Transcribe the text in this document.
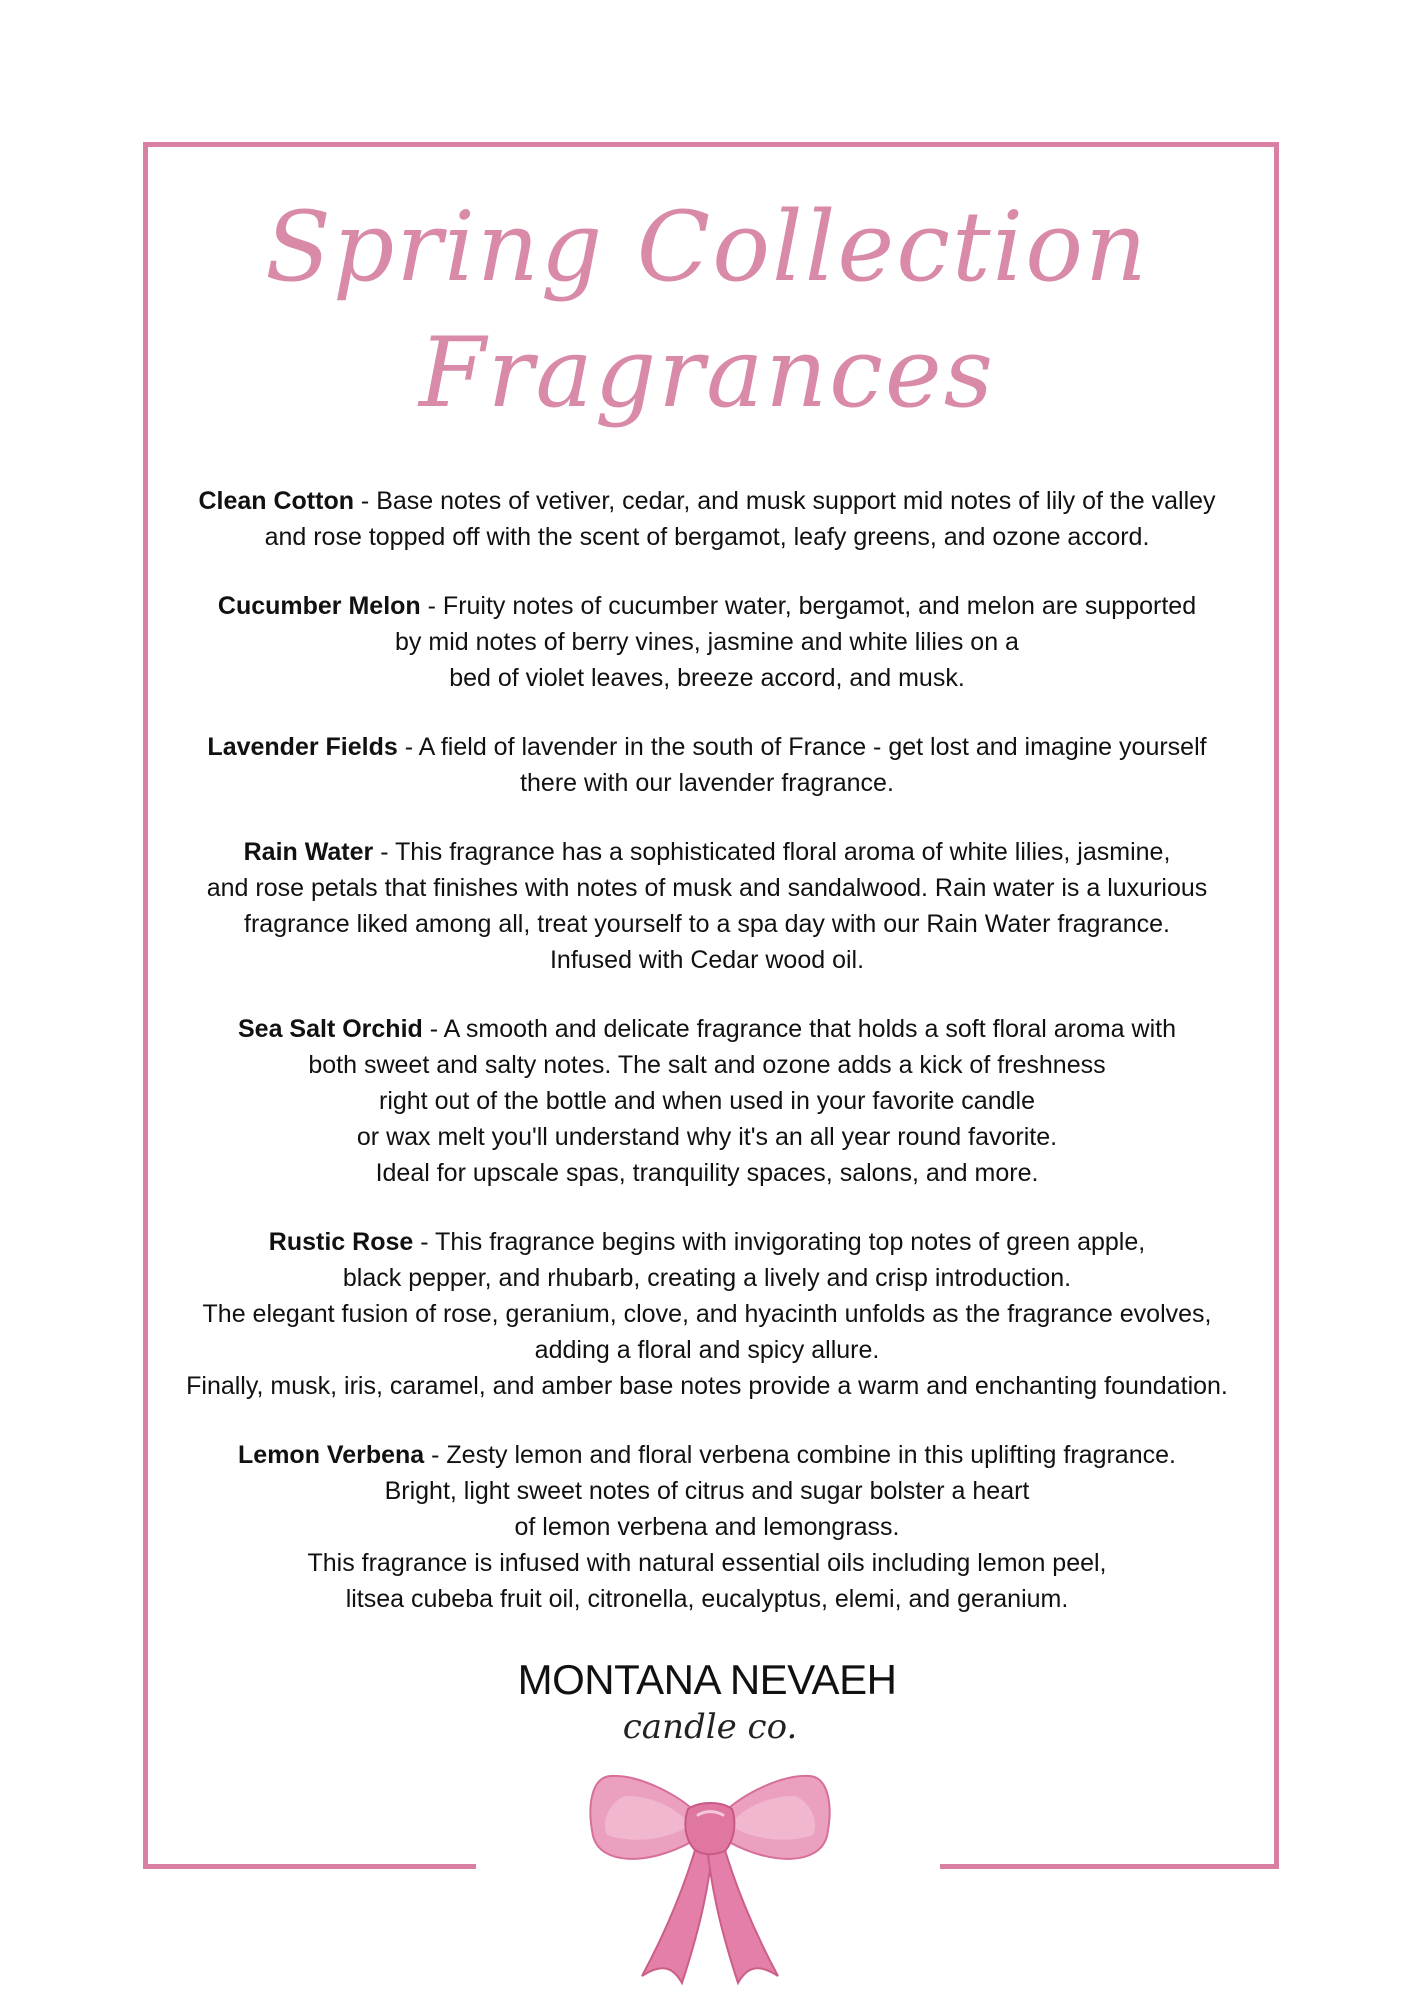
Spring Collection
Fragrances

Clean Cotton - Base notes of vetiver, cedar, and musk support mid notes of lily of the valley
and rose topped off with the scent of bergamot, leafy greens, and ozone accord.

Cucumber Melon - Fruity notes of cucumber water, bergamot, and melon are supported
by mid notes of berry vines, jasmine and white lilies on a
bed of violet leaves, breeze accord, and musk.

Lavender Fields - A field of lavender in the south of France - get lost and imagine yourself
there with our lavender fragrance.

Rain Water - This fragrance has a sophisticated floral aroma of white lilies, jasmine,
and rose petals that finishes with notes of musk and sandalwood. Rain water is a luxurious
fragrance liked among all, treat yourself to a spa day with our Rain Water fragrance.
Infused with Cedar wood oil.

Sea Salt Orchid - A smooth and delicate fragrance that holds a soft floral aroma with
both sweet and salty notes. The salt and ozone adds a kick of freshness
right out of the bottle and when used in your favorite candle
or wax melt you'll understand why it's an all year round favorite.
Ideal for upscale spas, tranquility spaces, salons, and more.

Rustic Rose - This fragrance begins with invigorating top notes of green apple,
black pepper, and rhubarb, creating a lively and crisp introduction.
The elegant fusion of rose, geranium, clove, and hyacinth unfolds as the fragrance evolves,
adding a floral and spicy allure.
Finally, musk, iris, caramel, and amber base notes provide a warm and enchanting foundation.

Lemon Verbena - Zesty lemon and floral verbena combine in this uplifting fragrance.
Bright, light sweet notes of citrus and sugar bolster a heart
of lemon verbena and lemongrass.
This fragrance is infused with natural essential oils including lemon peel,
litsea cubeba fruit oil, citronella, eucalyptus, elemi, and geranium.

MONTANA NEVAEH
candle co.
